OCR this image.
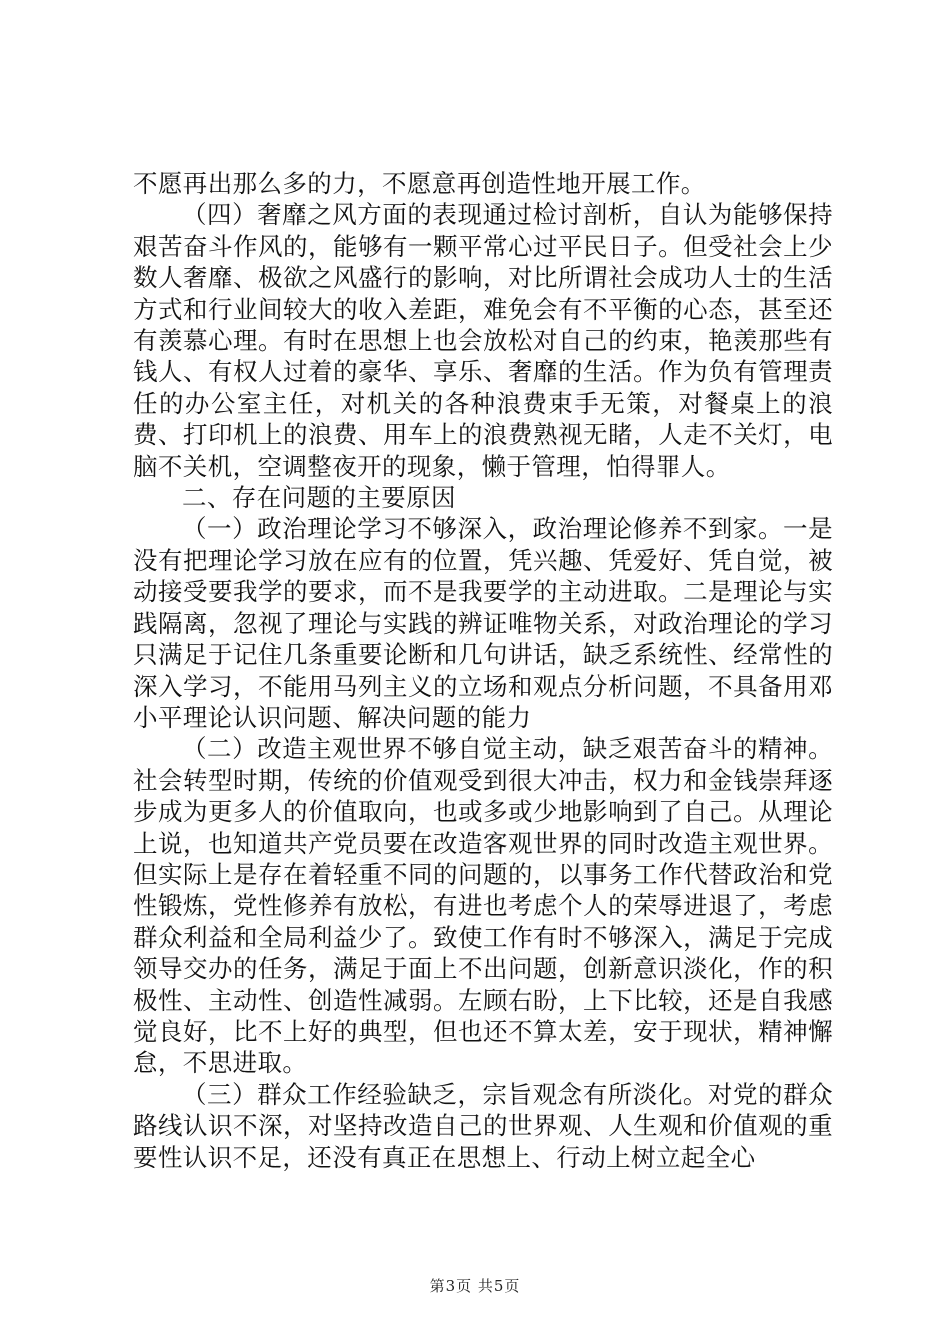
不愿再出那么多的力，不愿意再创造性地开展工作。

（四）奢靡之风方面的表现通过检讨剖析，自认为能够保持艰苦奋斗作风的，能够有一颗平常心过平民日子。但受社会上少数人奢靡、极欲之风盛行的影响，对比所谓社会成功人士的生活方式和行业间较大的收入差距，难免会有不平衡的心态，甚至还有羡慕心理。有时在思想上也会放松对自己的约束，艳羡那些有钱人、有权人过着的豪华、享乐、奢靡的生活。作为负有管理责任的办公室主任，对机关的各种浪费束手无策，对餐桌上的浪费、打印机上的浪费、用车上的浪费熟视无睹，人走不关灯，电脑不关机，空调整夜开的现象，懒于管理，怕得罪人。

二、存在问题的主要原因

（一）政治理论学习不够深入，政治理论修养不到家。一是没有把理论学习放在应有的位置，凭兴趣、凭爱好、凭自觉，被动接受要我学的要求，而不是我要学的主动进取。二是理论与实践隔离，忽视了理论与实践的辨证唯物关系，对政治理论的学习只满足于记住几条重要论断和几句讲话，缺乏系统性、经常性的深入学习，不能用马列主义的立场和观点分析问题，不具备用邓小平理论认识问题、解决问题的能力

（二）改造主观世界不够自觉主动，缺乏艰苦奋斗的精神。社会转型时期，传统的价值观受到很大冲击，权力和金钱崇拜逐步成为更多人的价值取向，也或多或少地影响到了自己。从理论上说，也知道共产党员要在改造客观世界的同时改造主观世界。但实际上是存在着轻重不同的问题的，以事务工作代替政治和党性锻炼，党性修养有放松，有进也考虑个人的荣辱进退了，考虑群众利益和全局利益少了。致使工作有时不够深入，满足于完成领导交办的任务，满足于面上不出问题，创新意识淡化，作的积极性、主动性、创造性减弱。左顾右盼，上下比较，还是自我感觉良好，比不上好的典型，但也还不算太差，安于现状，精神懈怠，不思进取。

（三）群众工作经验缺乏，宗旨观念有所淡化。对党的群众路线认识不深，对坚持改造自己的世界观、人生观和价值观的重要性认识不足，还没有真正在思想上、行动上树立起全心

第3页 共5页
